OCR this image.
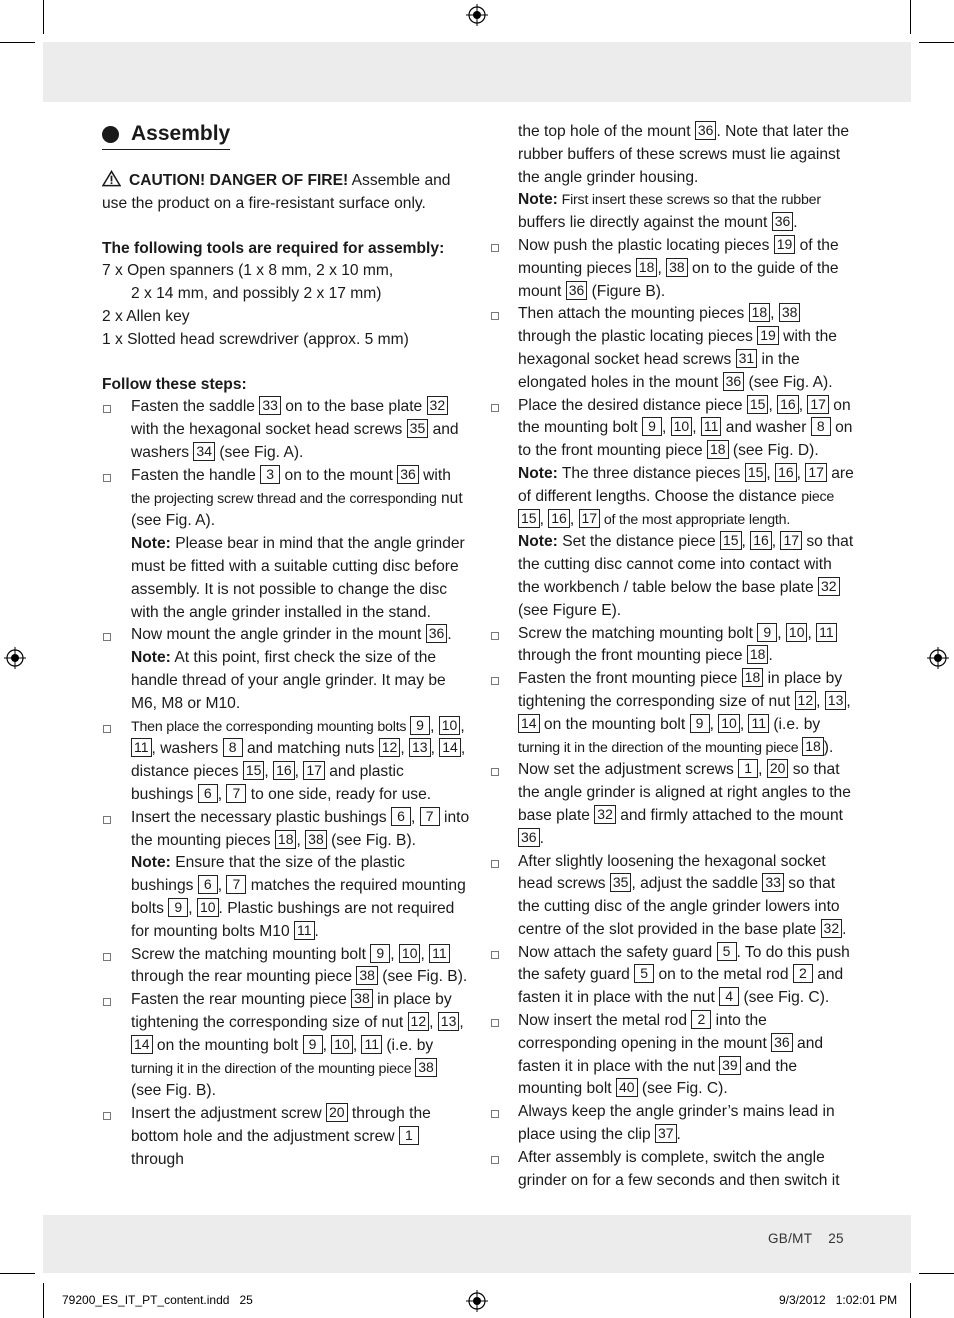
GB/MT    25
79200_ES_IT_PT_content.indd   25	9/3/2012   1:02:01 PM
Assembly

CAUTION! DANGER OF FIRE! Assemble and use the product on a fire-resistant surface only.

The following tools are required for assembly:

7 x Open spanners (1 x 8 mm, 2 x 10 mm,

2 x 14 mm, and possibly 2 x 17 mm)

2 x Allen key

1 x Slotted head screwdriver (approx. 5 mm)

Follow these steps:

Fasten the saddle 33 on to the base plate 32 with the hexagonal socket head screws 35 and washers 34 (see Fig. A).
Fasten the handle 3 on to the mount 36 with the projecting screw thread and the corresponding nut (see Fig. A).
Note: Please bear in mind that the angle grinder must be fitted with a suitable cutting disc before assembly. It is not possible to change the disc with the angle grinder installed in the stand.
Now mount the angle grinder in the mount 36 .
Note: At this point, first check the size of the handle thread of your angle grinder. It may be M6, M8 or M10.
Then place the corresponding mounting bolts 9 , 10 , 11 , washers 8 and matching nuts 12 , 13 , 14 , distance pieces 15 , 16 , 17 and plastic bushings 6 , 7 to one side, ready for use.
Insert the necessary plastic bushings 6 , 7 into the mounting pieces 18 , 38 (see Fig. B).
Note: Ensure that the size of the plastic bushings 6 , 7 matches the required mounting bolts 9 , 10 . Plastic bushings are not required for mounting bolts M10 11 .
Screw the matching mounting bolt 9 , 10 , 11 through the rear mounting piece 38 (see Fig. B).
Fasten the rear mounting piece 38 in place by tightening the corresponding size of nut 12 , 13 , 14 on the mounting bolt 9 , 10 , 11 (i.e. by turning it in the direction of the mounting piece 38 (see Fig. B).
Insert the adjustment screw 20 through the bottom hole and the adjustment screw 1 through

the top hole of the mount 36 . Note that later the rubber buffers of these screws must lie against the angle grinder housing.
Note: First insert these screws so that the rubber buffers lie directly against the mount 36 .

Now push the plastic locating pieces 19 of the mounting pieces 18 , 38 on to the guide of the mount 36 (Figure B).
Then attach the mounting pieces 18 , 38 through the plastic locating pieces 19 with the hexagonal socket head screws 31 in the elongated holes in the mount 36 (see Fig. A).
Place the desired distance piece 15 , 16 , 17 on the mounting bolt 9 , 10 , 11 and washer 8 on to the front mounting piece 18 (see Fig. D).
Note: The three distance pieces 15 , 16 , 17 are of different lengths. Choose the distance piece 15 , 16 , 17 of the most appropriate length.
Note: Set the distance piece 15 , 16 , 17 so that the cutting disc cannot come into contact with the workbench / table below the base plate 32 (see Figure E).
Screw the matching mounting bolt 9 , 10 , 11 through the front mounting piece 18 .
Fasten the front mounting piece 18 in place by tightening the corresponding size of nut 12 , 13 , 14 on the mounting bolt 9 , 10 , 11 (i.e. by turning it in the direction of the mounting piece 18 ).
Now set the adjustment screws 1 , 20 so that the angle grinder is aligned at right angles to the base plate 32 and firmly attached to the mount 36 .
After slightly loosening the hexagonal socket head screws 35 , adjust the saddle 33 so that the cutting disc of the angle grinder lowers into centre of the slot provided in the base plate 32 .
Now attach the safety guard 5 . To do this push the safety guard 5 on to the metal rod 2 and fasten it in place with the nut 4 (see Fig. C).
Now insert the metal rod 2 into the corresponding opening in the mount 36 and fasten it in place with the nut 39 and the mounting bolt 40 (see Fig. C).
Always keep the angle grinder’s mains lead in place using the clip 37 .
After assembly is complete, switch the angle grinder on for a few seconds and then switch it
